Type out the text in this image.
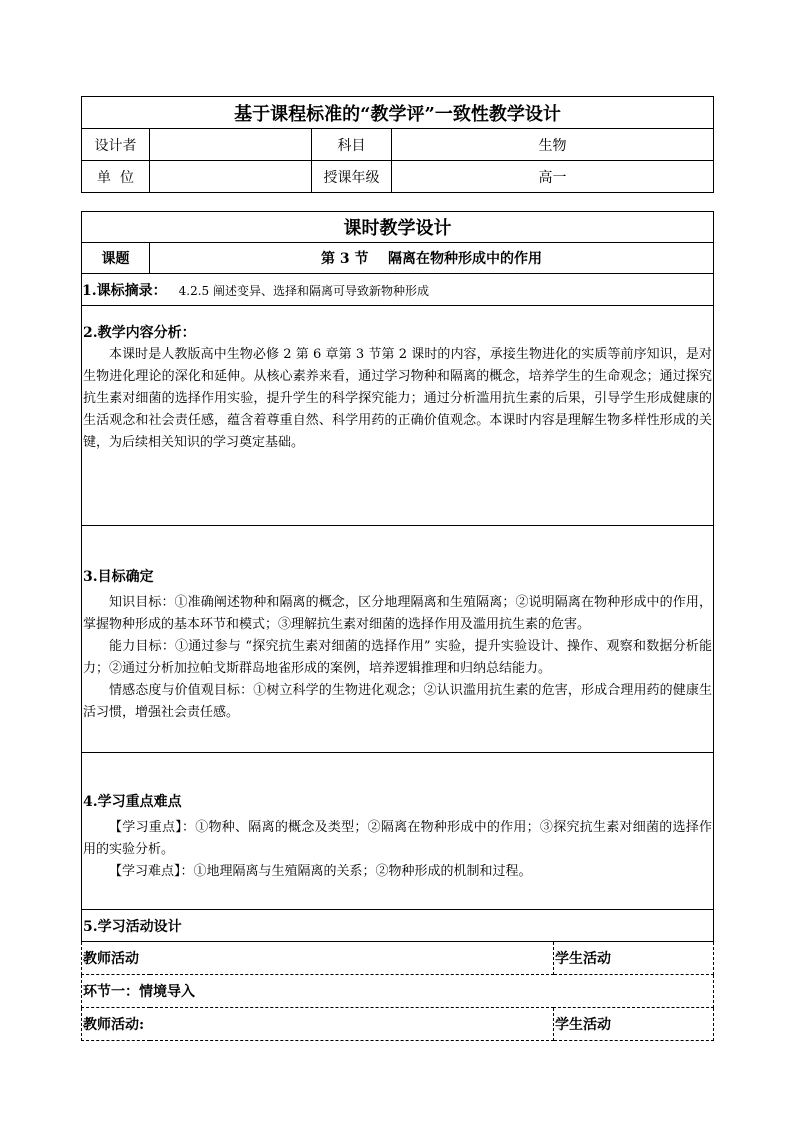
基于课程标准的“教学评”一致性教学设计			
设计者		科目	生物
单  位		授课年级	高一
课时教学设计		
课题	第 3 节    隔离在物种形成中的作用	
1.课标摘录： 4.2.5 阐述变异、选择和隔离可导致新物种形成		

2.教学内容分析：

本课时是人教版高中生物必修 2 第 6 章第 3 节第 2 课时的内容，承接生物进化的实质等前序知识，是对生物进化理论的深化和延伸。从核心素养来看，通过学习物种和隔离的概念，培养学生的生命观念；通过探究抗生素对细菌的选择作用实验，提升学生的科学探究能力；通过分析滥用抗生素的后果，引导学生形成健康的生活观念和社会责任感，蕴含着尊重自然、科学用药的正确价值观念。本课时内容是理解生物多样性形成的关键，为后续相关知识的学习奠定基础。		

3.目标确定

知识目标：①准确阐述物种和隔离的概念，区分地理隔离和生殖隔离；②说明隔离在物种形成中的作用，掌握物种形成的基本环节和模式；③理解抗生素对细菌的选择作用及滥用抗生素的危害。

能力目标：①通过参与 “探究抗生素对细菌的选择作用” 实验，提升实验设计、操作、观察和数据分析能力；②通过分析加拉帕戈斯群岛地雀形成的案例，培养逻辑推理和归纳总结能力。

情感态度与价值观目标：①树立科学的生物进化观念；②认识滥用抗生素的危害，形成合理用药的健康生活习惯，增强社会责任感。		

4.学习重点难点

【学习重点】：①物种、隔离的概念及类型；②隔离在物种形成中的作用；③探究抗生素对细菌的选择作用的实验分析。

【学习难点】：①地理隔离与生殖隔离的关系；②物种形成的机制和过程。		

5.学习活动设计		
教师活动		学生活动
环节一：情境导入		
教师活动:		学生活动
